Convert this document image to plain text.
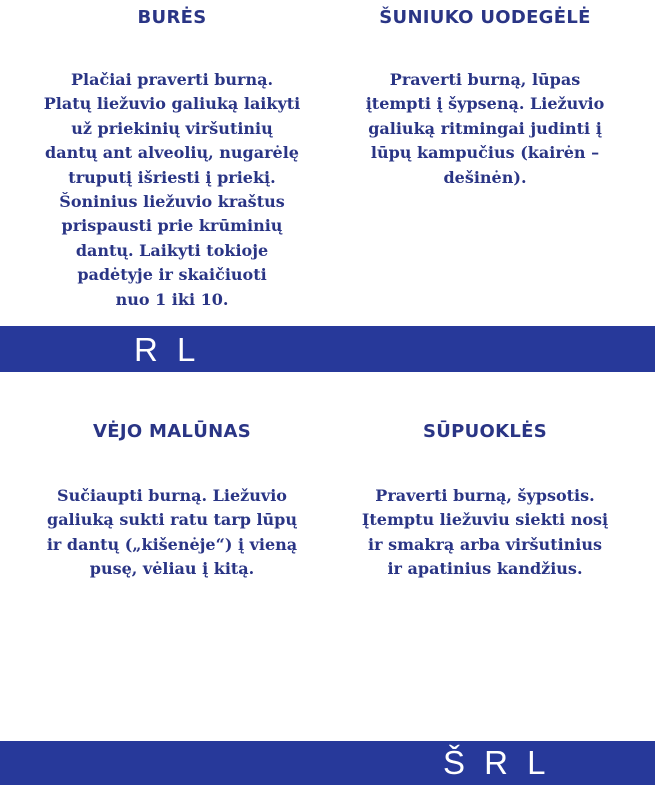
BURĖS
Plačiai praverti burną.
Platų liežuvio galiuką laikyti
už priekinių viršutinių
dantų ant alveolių, nugarėlę
truputį išriesti į priekį.
Šoninius liežuvio kraštus
prispausti prie krūminių
dantų. Laikyti tokioje
padėtyje ir skaičiuoti
nuo 1 iki 10.
ŠUNIUKO UODEGĖLĖ
Praverti burną, lūpas
įtempti į šypseną. Liežuvio
galiuką ritmingai judinti į
lūpų kampučius (kairėn –
dešinėn).
R L
VĖJO MALŪNAS
Sučiaupti burną. Liežuvio
galiuką sukti ratu tarp lūpų
ir dantų („kišenėje“) į vieną
pusę, vėliau į kitą.
SŪPUOKLĖS
Praverti burną, šypsotis.
Įtemptu liežuviu siekti nosį
ir smakrą arba viršutinius
ir apatinius kandžius.
Š R L
